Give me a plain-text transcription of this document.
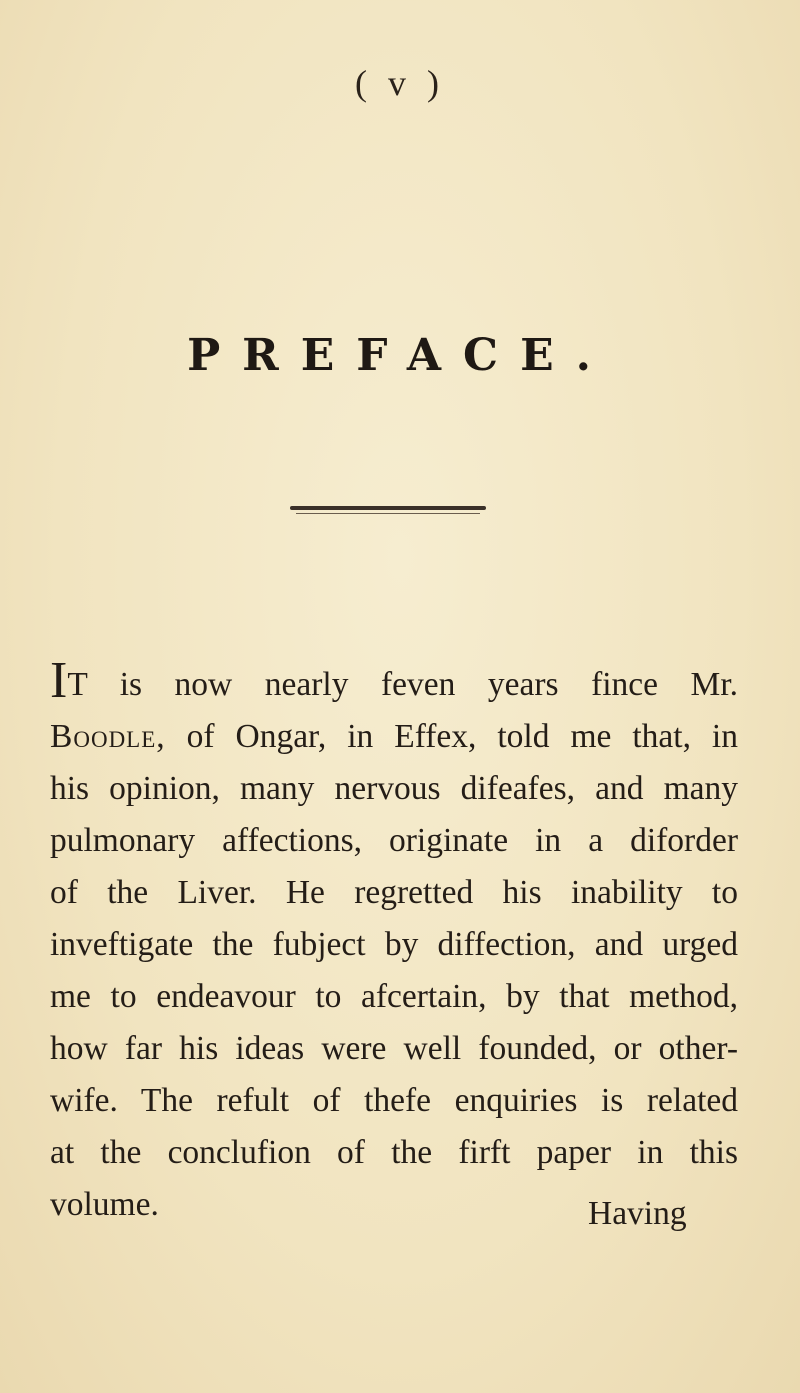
( v )
PREFACE.
IT is now nearly feven years fince Mr.
Boodle, of Ongar, in Effex, told me that, in
his opinion, many nervous difeafes, and many
pulmonary affections, originate in a diforder
of the Liver. He regretted his inability to
inveftigate the fubject by diffection, and urged
me to endeavour to afcertain, by that method,
how far his ideas were well founded, or other-
wife. The refult of thefe enquiries is related
at the conclufion of the firft paper in this
volume.	Having
